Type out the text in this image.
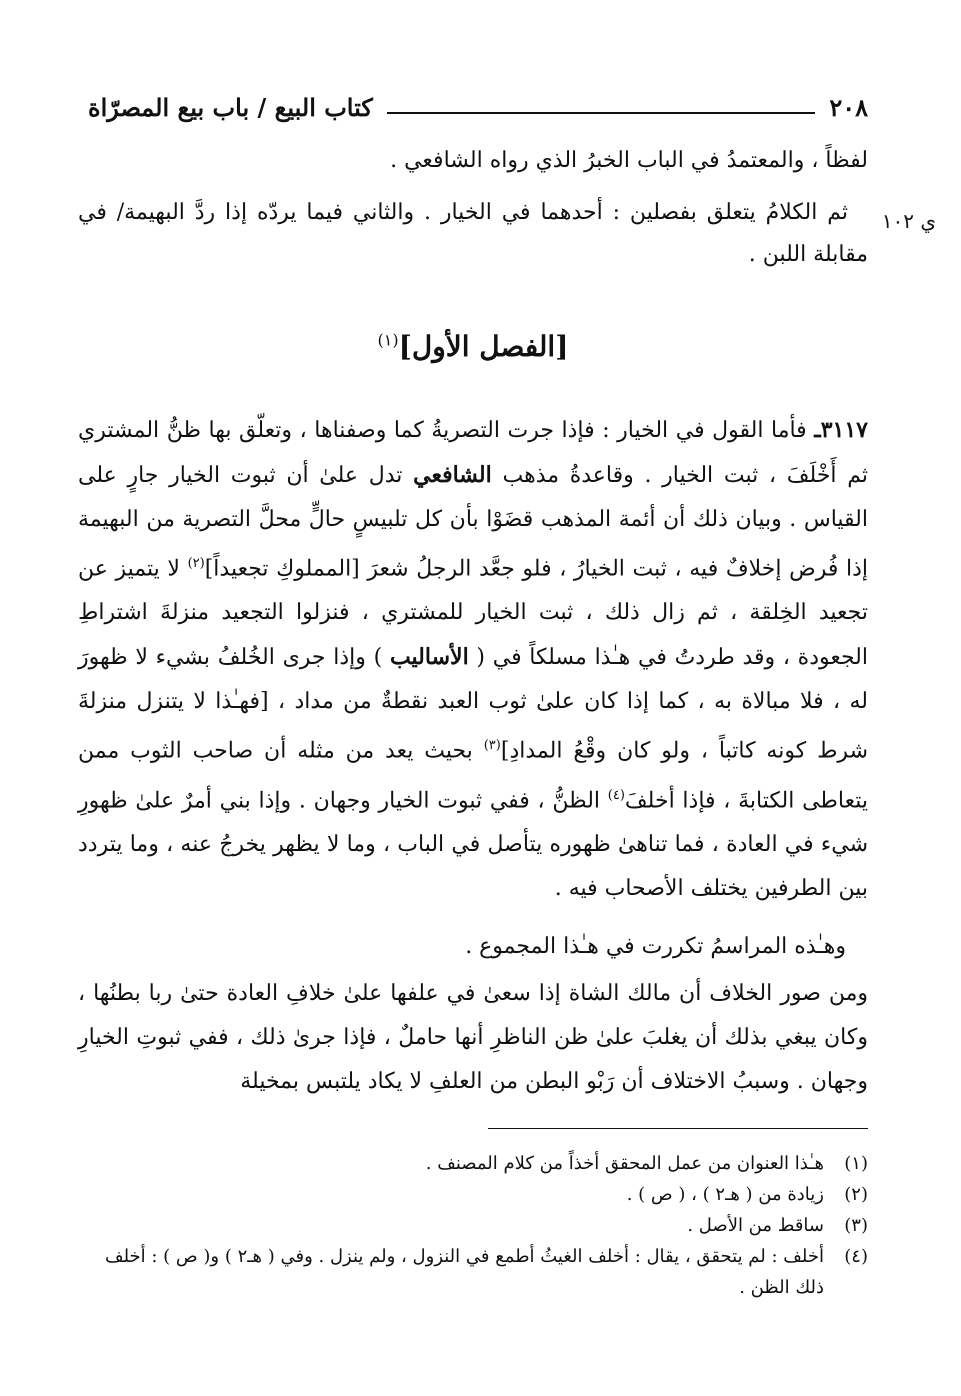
٢٠٨
كتاب البيع / باب بيع المصرّاة
لفظاً ، والمعتمدُ في الباب الخبرُ الذي رواه الشافعي .
ي ١٠٢
ثم الكلامُ يتعلق بفصلين : أحدهما في الخيار . والثاني فيما يردّه إذا ردَّ البهيمة/ في مقابلة اللبن .
[الفصل الأول]$^{(١)}$
٣١١٧ـ فأما القول في الخيار : فإذا جرت التصريةُ كما وصفناها ، وتعلّق بها ظنُّ المشتري ثم أَخْلَفَ ، ثبت الخيار . وقاعدةُ مذهب الشافعي تدل علىٰ أن ثبوت الخيار جارٍ على القياس . وبيان ذلك أن أئمة المذهب قضَوْا بأن كل تلبيسٍ حالٍّ محلَّ التصرية من البهيمة إذا فُرض إخلافٌ فيه ، ثبت الخيارُ ، فلو جعَّد الرجلُ شعرَ [المملوكِ تجعيداً]$^{(٢)}$ لا يتميز عن تجعيد الخِلقة ، ثم زال ذلك ، ثبت الخيار للمشتري ، فنزلوا التجعيد منزلةَ اشتراطِ الجعودة ، وقد طردتُ في هـٰذا مسلكاً في ( الأساليب ) وإذا جرى الخُلفُ بشيء لا ظهورَ له ، فلا مبالاة به ، كما إذا كان علىٰ ثوب العبد نقطةٌ من مداد ، [فهـٰذا لا يتنزل منزلةَ شرط كونه كاتباً ، ولو كان وقْعُ المدادِ]$^{(٣)}$ بحيث يعد من مثله أن صاحب الثوب ممن يتعاطى الكتابةَ ، فإذا أخلفَ$^{(٤)}$ الظنُّ ، ففي ثبوت الخيار وجهان . وإذا بني أمرٌ علىٰ ظهورِ شيء في العادة ، فما تناهىٰ ظهوره يتأصل في الباب ، وما لا يظهر يخرجُ عنه ، وما يتردد بين الطرفين يختلف الأصحاب فيه .
وهـٰذه المراسمُ تكررت في هـٰذا المجموع .
ومن صور الخلاف أن مالك الشاة إذا سعىٰ في علفها علىٰ خلافِ العادة حتىٰ ربا بطنُها ، وكان يبغي بذلك أن يغلبَ علىٰ ظن الناظرِ أنها حاملٌ ، فإذا جرىٰ ذلك ، ففي ثبوتِ الخيارِ وجهان . وسببُ الاختلاف أن رَبْو البطن من العلفِ لا يكاد يلتبس بمخيلة
(١)
هـٰذا العنوان من عمل المحقق أخذاً من كلام المصنف .
(٢)
زيادة من ( هـ٢ ) ، ( ص ) .
(٣)
ساقط من الأصل .
(٤)
أخلف : لم يتحقق ، يقال : أخلف الغيثُ أطمع في النزول ، ولم ينزل . وفي ( هـ٢ ) و( ص ) : أخلف ذلك الظن .
